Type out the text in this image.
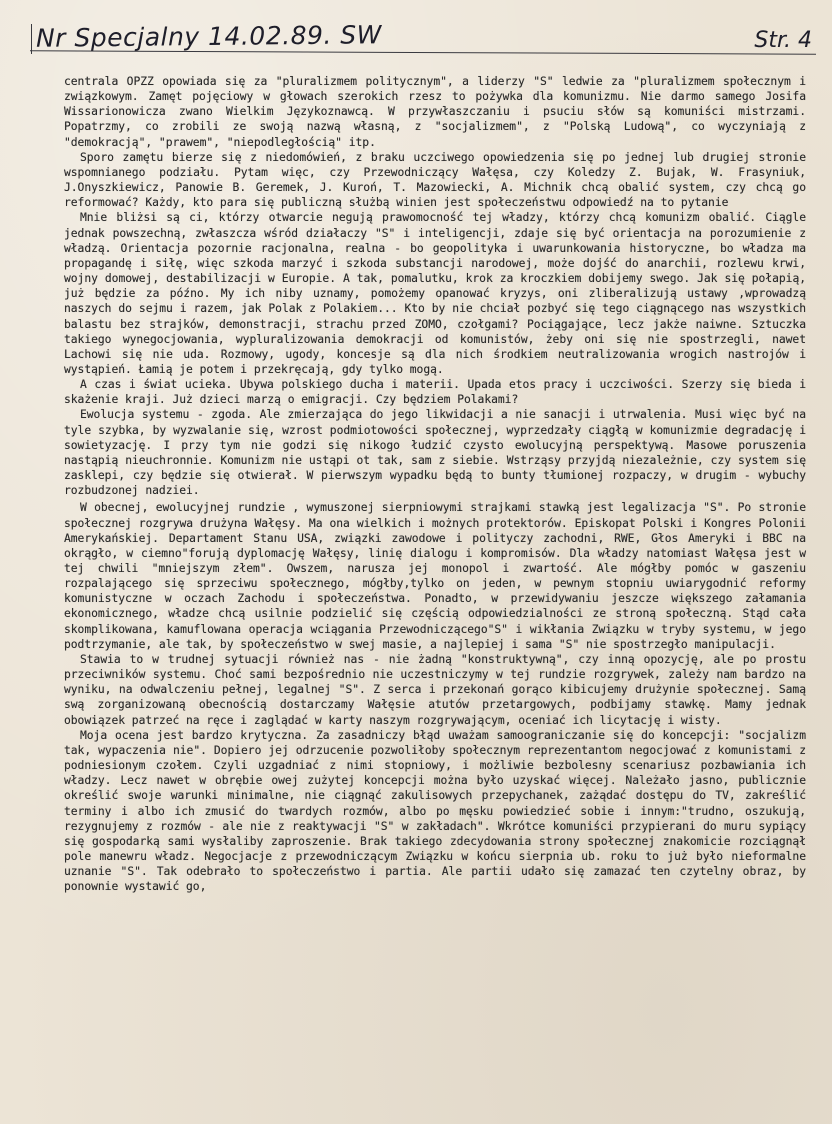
Nr Specjalny 14.02.89. SW	Str. 4

centrala OPZZ opowiada się za "pluralizmem politycznym", a liderzy "S" ledwie za "pluralizmem społecznym i związkowym. Zamęt pojęciowy w głowach szerokich rzesz to pożywka dla komunizmu. Nie darmo samego Josifa Wissarionowicza zwano Wielkim Językoznawcą. W przywłaszczaniu i psuciu słów są komuniści mistrzami. Popatrzmy, co zrobili ze swoją nazwą własną, z "socjalizmem", z "Polską Ludową", co wyczyniają z "demokracją", "prawem", "niepodległością" itp.

Sporo zamętu bierze się z niedomówień, z braku uczciwego opowiedzenia się po jednej lub drugiej stronie wspomnianego podziału. Pytam więc, czy Przewodniczący Wałęsa, czy Koledzy Z. Bujak, W. Frasyniuk, J.Onyszkiewicz, Panowie B. Geremek, J. Kuroń, T. Mazowiecki, A. Michnik chcą obalić system, czy chcą go reformować? Każdy, kto para się publiczną służbą winien jest społeczeństwu odpowiedź na to pytanie

Mnie bliżsi są ci, którzy otwarcie negują prawomocność tej władzy, którzy chcą komunizm obalić. Ciągle jednak powszechną, zwłaszcza wśród działaczy "S" i inteligencji, zdaje się być orientacja na porozumienie z władzą. Orientacja pozornie racjonalna, realna - bo geopolityka i uwarunkowania historyczne, bo władza ma propagandę i siłę, więc szkoda marzyć i szkoda substancji narodowej, może dojść do anarchii, rozlewu krwi, wojny domowej, destabilizacji w Europie. A tak, pomalutku, krok za kroczkiem dobijemy swego. Jak się połapią, już będzie za późno. My ich niby uznamy, pomożemy opanować kryzys, oni zliberalizują ustawy ,wprowadzą naszych do sejmu i razem, jak Polak z Polakiem... Kto by nie chciał pozbyć się tego ciągnącego nas wszystkich balastu bez strajków, demonstracji, strachu przed ZOMO, czołgami? Pociągające, lecz jakże naiwne. Sztuczka takiego wynegocjowania, wypluralizowania demokracji od komunistów, żeby oni się nie spostrzegli, nawet Lachowi się nie uda. Rozmowy, ugody, koncesje są dla nich środkiem neutralizowania wrogich nastrojów i wystąpień. Łamią je potem i przekręcają, gdy tylko mogą.

A czas i świat ucieka. Ubywa polskiego ducha i materii. Upada etos pracy i uczciwości. Szerzy się bieda i skażenie kraji. Już dzieci marzą o emigracji. Czy będziem Polakami?

Ewolucja systemu - zgoda. Ale zmierzająca do jego likwidacji a nie sanacji i utrwalenia. Musi więc być na tyle szybka, by wyzwalanie się, wzrost podmiotowości społecznej, wyprzedzały ciągłą w komunizmie degradację i sowietyzację. I przy tym nie godzi się nikogo łudzić czysto ewolucyjną perspektywą. Masowe poruszenia nastąpią nieuchronnie. Komunizm nie ustąpi ot tak, sam z siebie. Wstrząsy przyjdą niezależnie, czy system się zasklepi, czy będzie się otwierał. W pierwszym wypadku będą to bunty tłumionej rozpaczy, w drugim - wybuchy rozbudzonej nadziei.

W obecnej, ewolucyjnej rundzie , wymuszonej sierpniowymi strajkami stawką jest legalizacja "S". Po stronie społecznej rozgrywa drużyna Wałęsy. Ma ona wielkich i możnych protektorów. Episkopat Polski i Kongres Polonii Amerykańskiej. Departament Stanu USA, związki zawodowe i polityczy zachodni, RWE, Głos Ameryki i BBC na okrągło, w ciemno"forują dyplomację Wałęsy, linię dialogu i kompromisów. Dla władzy natomiast Wałęsa jest w tej chwili "mniejszym złem". Owszem, narusza jej monopol i zwartość. Ale mógłby pomóc w gaszeniu rozpalającego się sprzeciwu społecznego, mógłby,tylko on jeden, w pewnym stopniu uwiarygodnić reformy komunistyczne w oczach Zachodu i społeczeństwa. Ponadto, w przewidywaniu jeszcze większego załamania ekonomicznego, władze chcą usilnie podzielić się częścią odpowiedzialności ze stroną społeczną. Stąd cała skomplikowana, kamuflowana operacja wciągania Przewodniczącego"S" i wikłania Związku w tryby systemu, w jego podtrzymanie, ale tak, by społeczeństwo w swej masie, a najlepiej i sama "S" nie spostrzegło manipulacji.

Stawia to w trudnej sytuacji również nas - nie żadną "konstruktywną", czy inną opozycję, ale po prostu przeciwników systemu. Choć sami bezpośrednio nie uczestniczymy w tej rundzie rozgrywek, zależy nam bardzo na wyniku, na odwalczeniu pełnej, legalnej "S". Z serca i przekonań gorąco kibicujemy drużynie społecznej. Samą swą zorganizowaną obecnością dostarczamy Wałęsie atutów przetargowych, podbijamy stawkę. Mamy jednak obowiązek patrzeć na ręce i zaglądać w karty naszym rozgrywającym, oceniać ich licytację i wisty.

Moja ocena jest bardzo krytyczna. Za zasadniczy błąd uważam samoograniczanie się do koncepcji: "socjalizm tak, wypaczenia nie". Dopiero jej odrzucenie pozwoliłoby społecznym reprezentantom negocjować z komunistami z podniesionym czołem. Czyli uzgadniać z nimi stopniowy, i możliwie bezbolesny scenariusz pozbawiania ich władzy. Lecz nawet w obrębie owej zużytej koncepcji można było uzyskać więcej. Należało jasno, publicznie określić swoje warunki minimalne, nie ciągnąć zakulisowych przepychanek, zażądać dostępu do TV, zakreślić terminy i albo ich zmusić do twardych rozmów, albo po męsku powiedzieć sobie i innym:"trudno, oszukują, rezygnujemy z rozmów - ale nie z reaktywacji "S" w zakładach". Wkrótce komuniści przypierani do muru sypiący się gospodarką sami wysłaliby zaproszenie. Brak takiego zdecydowania strony społecznej znakomicie rozciągnął pole manewru władz. Negocjacje z przewodniczącym Związku w końcu sierpnia ub. roku to już było nieformalne uznanie "S". Tak odebrało to społeczeństwo i partia. Ale partii udało się zamazać ten czytelny obraz, by ponownie wystawić go,
